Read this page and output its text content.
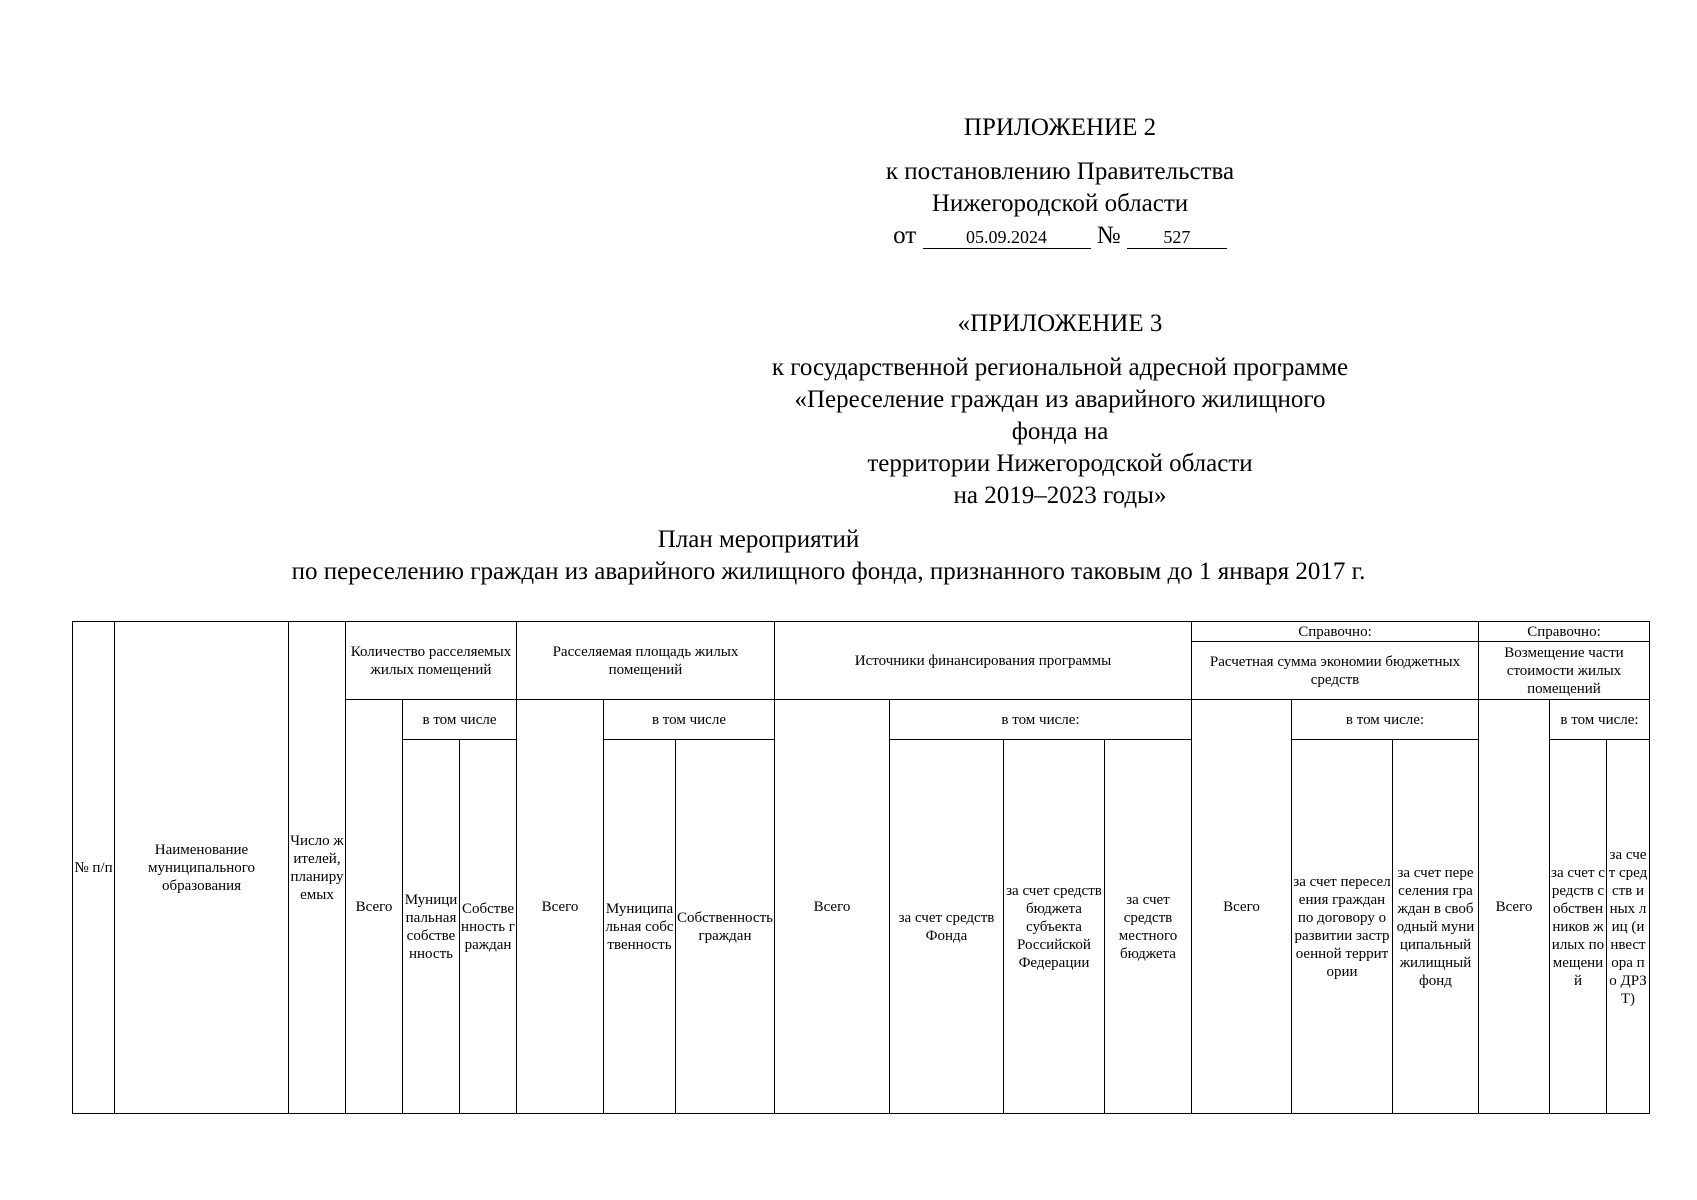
ПРИЛОЖЕНИЕ 2
к постановлению Правительства
Нижегородской области
от	05.09.2024 № 527
«ПРИЛОЖЕНИЕ 3
к государственной региональной адресной программе
«Переселение граждан из аварийного жилищного фонда на
территории Нижегородской области
на 2019–2023 годы»
План мероприятий
по переселению граждан из аварийного жилищного фонда, признанного таковым до 1 января 2017 г.
№ п/п	Наименование муниципального образования	Число жителей, планируемых	Количество расселяемых жилых помещений			Расселяемая площадь жилых помещений			Источники финансирования программы				Справочно:			Справочно:		
													Расчетная сумма экономии бюджетных средств			Возмещение части стоимости жилых помещений		
			Всего	в том числе		Всего	в том числе		Всего	в том числе:			Всего	в том числе:		Всего	в том числе:	
				Муниципальная собственность	Собственность граждан		Муниципальная собственность	Собственность граждан		за счет средств Фонда	за счет средств бюджета субъекта Российской Федерации	за счет средств местного бюджета		за счет переселения граждан по договору о развитии застроенной территории	за счет переселения граждан в свободный муниципальный жилищный фонд		за счет средств собственников жилых помещений	за счет средств иных лиц (инвестора по ДРЗТ)
